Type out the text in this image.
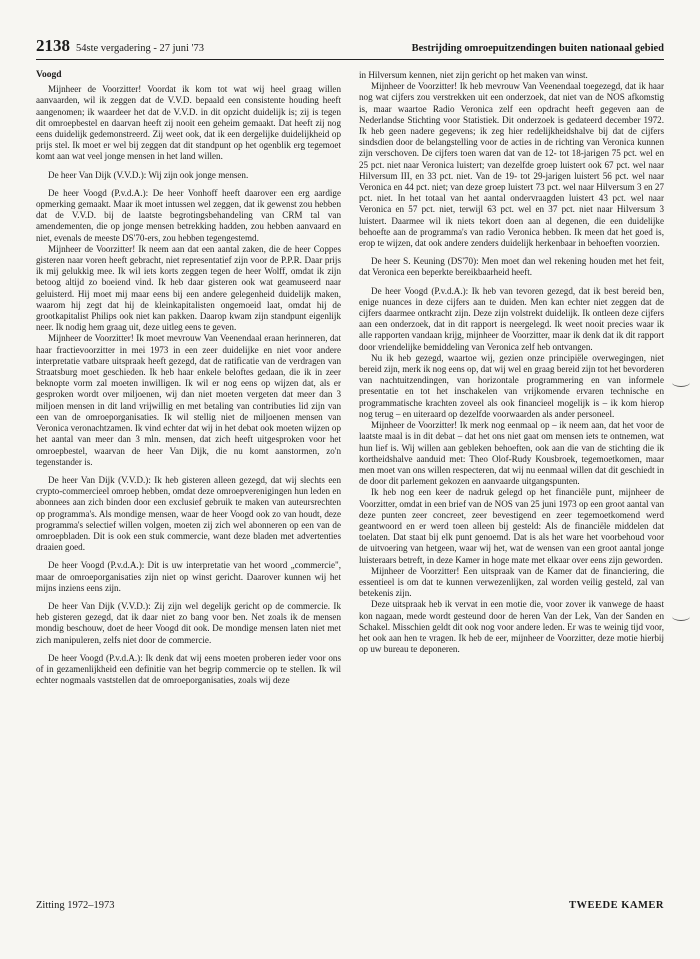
2138 54ste vergadering - 27 juni '73	Bestrijding omroepuitzendingen buiten nationaal gebied
Voogd

Mijnheer de Voorzitter! Voordat ik kom tot wat wij heel graag willen aanvaarden, wil ik zeggen dat de V.V.D. bepaald een consistente houding heeft aangenomen; ik waardeer het dat de V.V.D. in dit opzicht duidelijk is; zij is tegen dit omroepbestel en daarvan heeft zij nooit een geheim gemaakt. Dat heeft zij nog eens duidelijk gedemonstreerd. Zij weet ook, dat ik een dergelijke duidelijkheid op prijs stel. Ik moet er wel bij zeggen dat dit standpunt op het ogenblik erg tegemoet komt aan wat veel jonge mensen in het land willen.

De heer Van Dijk (V.V.D.): Wij zijn ook jonge mensen.

De heer Voogd (P.v.d.A.): De heer Vonhoff heeft daarover een erg aardige opmerking gemaakt. Maar ik moet intussen wel zeggen, dat ik gewenst zou hebben dat de V.V.D. bij de laatste begrotingsbehandeling van CRM tal van amendementen, die op jonge mensen betrekking hadden, zou hebben aanvaard en niet, evenals de meeste DS'70-ers, zou hebben tegengestemd.

Mijnheer de Voorzitter! Ik neem aan dat een aantal zaken, die de heer Coppes gisteren naar voren heeft gebracht, niet representatief zijn voor de P.P.R. Daar prijs ik mij gelukkig mee. Ik wil iets korts zeggen tegen de heer Wolff, omdat ik zijn betoog altijd zo boeiend vind. Ik heb daar gisteren ook wat geamuseerd naar geluisterd. Hij moet mij maar eens bij een andere gelegenheid duidelijk maken, waarom hij zegt dat hij de kleinkapitalisten ongemoeid laat, omdat hij de grootkapitalist Philips ook niet kan pakken. Daarop kwam zijn standpunt eigenlijk neer. Ik nodig hem graag uit, deze uitleg eens te geven.

Mijnheer de Voorzitter! Ik moet mevrouw Van Veenendaal eraan herinneren, dat haar fractievoorzitter in mei 1973 in een zeer duidelijke en niet voor andere interpretatie vatbare uitspraak heeft gezegd, dat de ratificatie van de verdragen van Straatsburg moet geschieden. Ik heb haar enkele beloftes gedaan, die ik in zeer beknopte vorm zal moeten inwilligen. Ik wil er nog eens op wijzen dat, als er gesproken wordt over miljoenen, wij dan niet moeten vergeten dat meer dan 3 miljoen mensen in dit land vrijwillig en met betaling van contributies lid zijn van een van de omroeporganisaties. Ik wil stellig niet de miljoenen mensen van Veronica veronachtzamen. Ik vind echter dat wij in het debat ook moeten wijzen op het aantal van meer dan 3 mln. mensen, dat zich heeft uitgesproken voor het omroepbestel, waarvan de heer Van Dijk, die nu komt aanstormen, zo'n tegenstander is.

De heer Van Dijk (V.V.D.): Ik heb gisteren alleen gezegd, dat wij slechts een crypto-commercieel omroep hebben, omdat deze omroepverenigingen hun leden en abonnees aan zich binden door een exclusief gebruik te maken van auteursrechten op programma's. Als mondige mensen, waar de heer Voogd ook zo van houdt, deze programma's selectief willen volgen, moeten zij zich wel abonneren op een van de omroepbladen. Dit is ook een stuk commercie, want deze bladen met advertenties draaien goed.

De heer Voogd (P.v.d.A.): Dit is uw interpretatie van het woord „commercie", maar de omroeporganisaties zijn niet op winst gericht. Daarover kunnen wij het mijns inziens eens zijn.

De heer Van Dijk (V.V.D.): Zij zijn wel degelijk gericht op de commercie. Ik heb gisteren gezegd, dat ik daar niet zo bang voor ben. Net zoals ik de mensen mondig beschouw, doet de heer Voogd dit ook. De mondige mensen laten niet met zich manipuleren, zelfs niet door de commercie.

De heer Voogd (P.v.d.A.): Ik denk dat wij eens moeten proberen ieder voor ons of in gezamenlijkheid een definitie van het begrip commercie op te stellen. Ik wil echter nogmaals vaststellen dat de omroeporganisaties, zoals wij deze

in Hilversum kennen, niet zijn gericht op het maken van winst.

Mijnheer de Voorzitter! Ik heb mevrouw Van Veenendaal toegezegd, dat ik haar nog wat cijfers zou verstrekken uit een onderzoek, dat niet van de NOS afkomstig is, maar waartoe Radio Veronica zelf een opdracht heeft gegeven aan de Nederlandse Stichting voor Statistiek. Dit onderzoek is gedateerd december 1972. Ik heb geen nadere gegevens; ik zeg hier redelijkheidshalve bij dat de cijfers sindsdien door de belangstelling voor de acties in de richting van Veronica kunnen zijn verschoven. De cijfers toen waren dat van de 12- tot 18-jarigen 75 pct. wel en 25 pct. niet naar Veronica luistert; van dezelfde groep luistert ook 67 pct. wel naar Hilversum III, en 33 pct. niet. Van de 19- tot 29-jarigen luistert 56 pct. wel naar Veronica en 44 pct. niet; van deze groep luistert 73 pct. wel naar Hilversum 3 en 27 pct. niet. In het totaal van het aantal ondervraagden luistert 43 pct. wel naar Veronica en 57 pct. niet, terwijl 63 pct. wel en 37 pct. niet naar Hilversum 3 luistert. Daarmee wil ik niets tekort doen aan al degenen, die een duidelijke behoefte aan de programma's van radio Veronica hebben. Ik meen dat het goed is, erop te wijzen, dat ook andere zenders duidelijk herkenbaar in behoeften voorzien.

De heer S. Keuning (DS'70): Men moet dan wel rekening houden met het feit, dat Veronica een beperkte bereikbaarheid heeft.

De heer Voogd (P.v.d.A.): Ik heb van tevoren gezegd, dat ik best bereid ben, enige nuances in deze cijfers aan te duiden. Men kan echter niet zeggen dat de cijfers daarmee ontkracht zijn. Deze zijn volstrekt duidelijk. Ik ontleen deze cijfers aan een onderzoek, dat in dit rapport is neergelegd. Ik weet nooit precies waar ik alle rapporten vandaan krijg, mijnheer de Voorzitter, maar ik denk dat ik dit rapport door vriendelijke bemiddeling van Veronica zelf heb ontvangen.

Nu ik heb gezegd, waartoe wij, gezien onze principiële overwegingen, niet bereid zijn, merk ik nog eens op, dat wij wel en graag bereid zijn tot het bevorderen van nachtuitzendingen, van horizontale programmering en van informele presentatie en tot het inschakelen van vrijkomende ervaren technische en programmatische krachten zoveel als ook financieel mogelijk is – ik kom hierop nog terug – en uiteraard op dezelfde voorwaarden als ander personeel.

Mijnheer de Voorzitter! Ik merk nog eenmaal op – ik neem aan, dat het voor de laatste maal is in dit debat – dat het ons niet gaat om mensen iets te ontnemen, wat hun lief is. Wij willen aan gebleken behoeften, ook aan die van de stichting die ik kortheidshalve aanduid met: Theo Olof-Rudy Kousbroek, tegemoetkomen, maar men moet van ons willen respecteren, dat wij nu eenmaal willen dat dit geschiedt in de door dit parlement gekozen en aanvaarde uitgangspunten.

Ik heb nog een keer de nadruk gelegd op het financiële punt, mijnheer de Voorzitter, omdat in een brief van de NOS van 25 juni 1973 op een groot aantal van deze punten zeer concreet, zeer bevestigend en zeer tegemoetkomend werd geantwoord en er werd toen alleen bij gesteld: Als de financiële middelen dat toelaten. Dat staat bij elk punt genoemd. Dat is als het ware het voorbehoud voor de uitvoering van hetgeen, waar wij het, wat de wensen van een groot aantal jonge luisteraars betreft, in deze Kamer in hoge mate met elkaar over eens zijn geworden.

Mijnheer de Voorzitter! Een uitspraak van de Kamer dat de financiering, die essentieel is om dat te kunnen verwezenlijken, zal worden veilig gesteld, zal van betekenis zijn.

Deze uitspraak heb ik vervat in een motie die, voor zover ik vanwege de haast kon nagaan, mede wordt gesteund door de heren Van der Lek, Van der Sanden en Schakel. Misschien geldt dit ook nog voor andere leden. Er was te weinig tijd voor, het ook aan hen te vragen. Ik heb de eer, mijnheer de Voorzitter, deze motie hierbij op uw bureau te deponeren.

Zitting 1972–1973	TWEEDE KAMER
